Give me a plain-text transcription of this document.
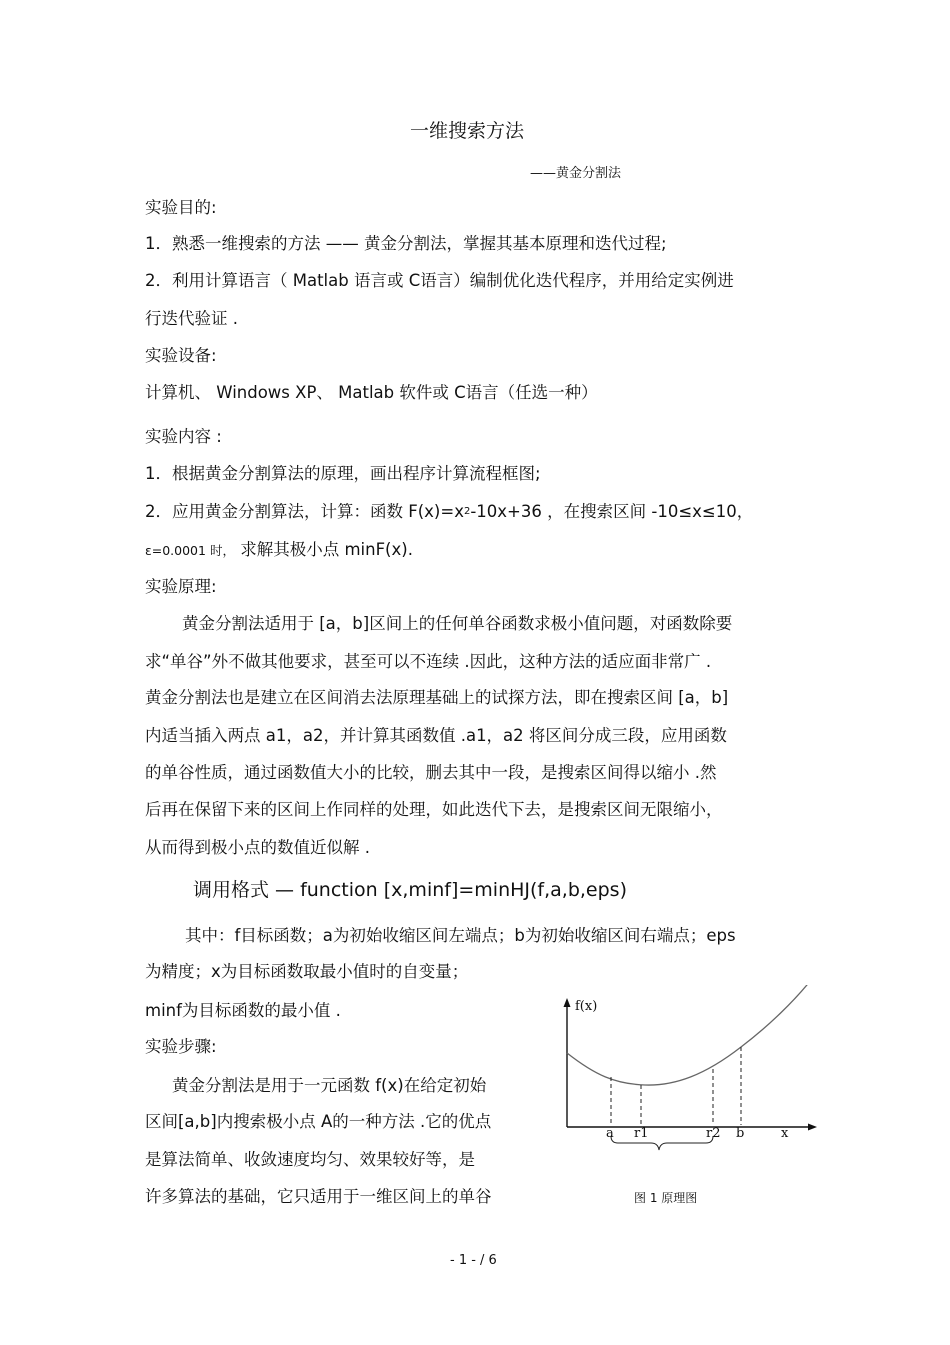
一维搜索方法
——黄金分割法
实验目的:
1．熟悉一维搜索的方法 —— 黄金分割法，掌握其基本原理和迭代过程;
2．利用计算语言（ Matlab 语言或 C语言）编制优化迭代程序，并用给定实例进
行迭代验证 .
实验设备:
计算机、 Windows XP、 Matlab 软件或 C语言（任选一种）
实验内容 :
1．根据黄金分割算法的原理，画出程序计算流程框图;
2．应用黄金分割算法，计算：函数 $F(x)=x^2-10x+36$ ，在搜索区间 -10≤x≤10，
ε=0.0001 时， 求解其极小点 minF(x).
实验原理:
黄金分割法适用于 [a，b]区间上的任何单谷函数求极小值问题，对函数除要
求“单谷”外不做其他要求，甚至可以不连续 .因此，这种方法的适应面非常广 .
黄金分割法也是建立在区间消去法原理基础上的试探方法，即在搜索区间 [a，b]
内适当插入两点 a1，a2，并计算其函数值 .a1，a2 将区间分成三段，应用函数
的单谷性质，通过函数值大小的比较，删去其中一段，是搜索区间得以缩小 .然
后再在保留下来的区间上作同样的处理，如此迭代下去，是搜索区间无限缩小，
从而得到极小点的数值近似解 .
调用格式 — function [x,minf]=minHJ(f,a,b,eps)
其中：f目标函数；a为初始收缩区间左端点；b为初始收缩区间右端点；eps
为精度；x为目标函数取最小值时的自变量；
minf为目标函数的最小值 .
实验步骤:
黄金分割法是用于一元函数 f(x)在给定初始
区间[a,b]内搜索极小点 A的一种方法 .它的优点
是算法简单、收敛速度均匀、效果较好等，是
许多算法的基础，它只适用于一维区间上的单谷
f(x)
x
a r1	r2 b
图 1 原理图
- 1 - / 6
